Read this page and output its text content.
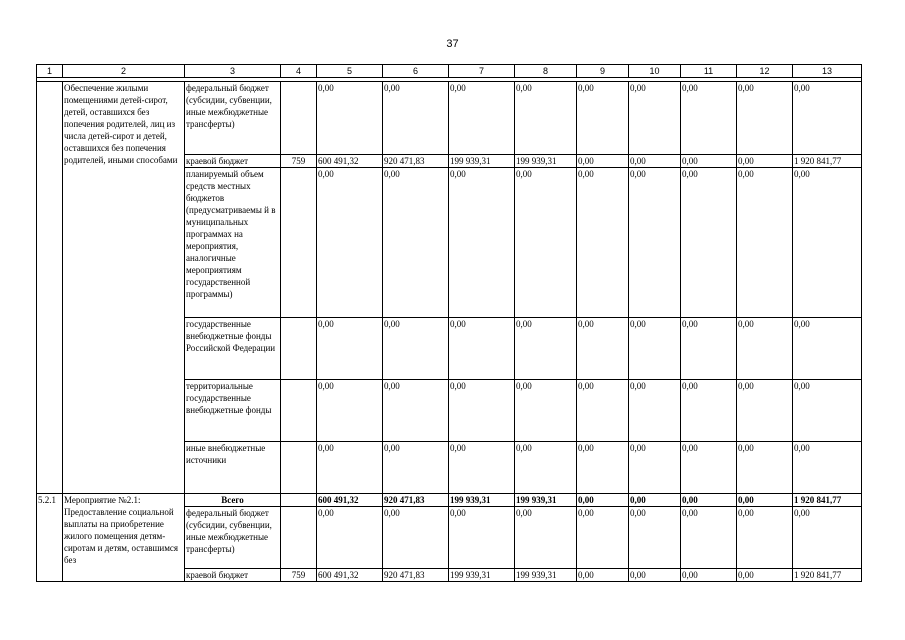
37
1	2	3	4	5	6	7	8	9	10	11	12	13

	Обеспечение жилыми помещениями детей-сирот, детей, оставшихся без попечения родителей, лиц из числа детей-сирот и детей, оставшихся без попечения родителей, иными способами	федеральный бюджет (субсидии, субвенции, иные межбюджетные трансферты)		0,00	0,00	0,00	0,00	0,00	0,00	0,00	0,00	0,00
		краевой бюджет	759	600 491,32	920 471,83	199 939,31	199 939,31	0,00	0,00	0,00	0,00	1 920 841,77
		планируемый объем средств местных бюджетов (предусматриваемы й в муниципальных программах на мероприятия, аналогичные мероприятиям государственной программы)		0,00	0,00	0,00	0,00	0,00	0,00	0,00	0,00	0,00
		государственные внебюджетные фонды Российской Федерации		0,00	0,00	0,00	0,00	0,00	0,00	0,00	0,00	0,00
		территориальные государственные внебюджетные фонды		0,00	0,00	0,00	0,00	0,00	0,00	0,00	0,00	0,00
		иные внебюджетные источники		0,00	0,00	0,00	0,00	0,00	0,00	0,00	0,00	0,00
5.2.1	Мероприятие №2.1: Предоставление социальной выплаты на приобретение жилого помещения детям-сиротам и детям, оставшимся без	Всего		600 491,32	920 471,83	199 939,31	199 939,31	0,00	0,00	0,00	0,00	1 920 841,77
		федеральный бюджет (субсидии, субвенции, иные межбюджетные трансферты)		0,00	0,00	0,00	0,00	0,00	0,00	0,00	0,00	0,00
		краевой бюджет	759	600 491,32	920 471,83	199 939,31	199 939,31	0,00	0,00	0,00	0,00	1 920 841,77
